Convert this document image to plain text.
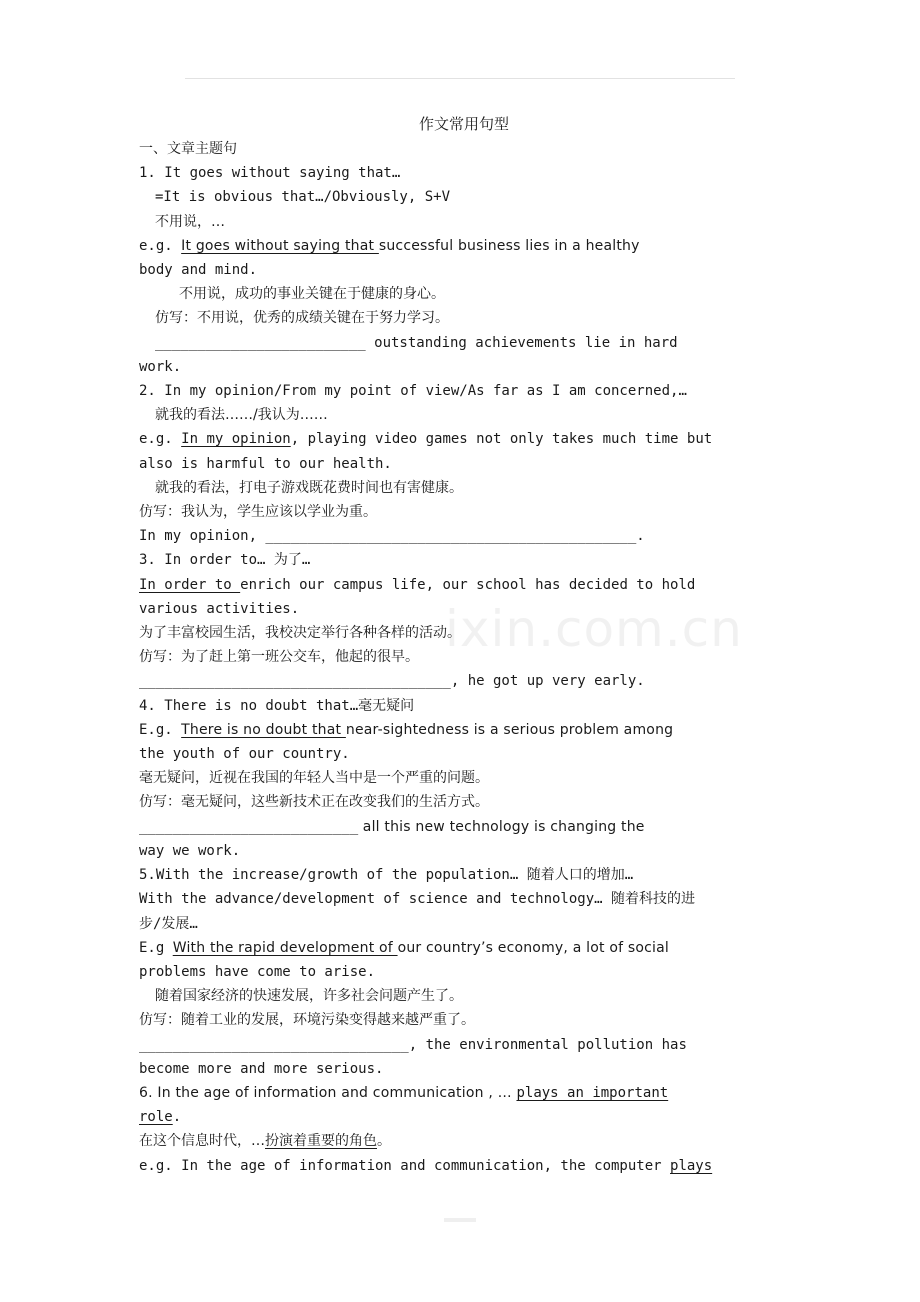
ixin.com.cn
作文常用句型
一、文章主题句
1. It goes without saying that…
=It is obvious that…/Obviously, S+V
不用说，…
e.g. It goes without saying that successful business lies in a healthy
body and mind.
不用说，成功的事业关键在于健康的身心。
仿写：不用说，优秀的成绩关键在于努力学习。
_________________________ outstanding achievements lie in hard
work.
2. In my opinion/From my point of view/As far as I am concerned,…
就我的看法……/我认为……
e.g. In my opinion, playing video games not only takes much time but
also is harmful to our health.
就我的看法，打电子游戏既花费时间也有害健康。
仿写：我认为，学生应该以学业为重。
In my opinion, ____________________________________________.
3. In order to… 为了…
In order to enrich our campus life, our school has decided to hold
various activities.
为了丰富校园生活，我校决定举行各种各样的活动。
仿写：为了赶上第一班公交车，他起的很早。
_____________________________________, he got up very early.
4. There is no doubt that…毫无疑问
E.g. There is no doubt that near-sightedness is a serious problem among
the youth of our country.
毫无疑问，近视在我国的年轻人当中是一个严重的问题。
仿写：毫无疑问，这些新技术正在改变我们的生活方式。
__________________________ all this new technology is changing the
way we work.
5.With the increase/growth of the population… 随着人口的增加…
With the advance/development of science and technology… 随着科技的进
步/发展…
E.g With the rapid development of our country’s economy, a lot of social
problems have come to arise.
随着国家经济的快速发展，许多社会问题产生了。
仿写：随着工业的发展，环境污染变得越来越严重了。
________________________________, the environmental pollution has
become more and more serious.
6. In the age of information and communication , … plays an important
role.
在这个信息时代，…扮演着重要的角色。
e.g. In the age of information and communication, the computer plays
